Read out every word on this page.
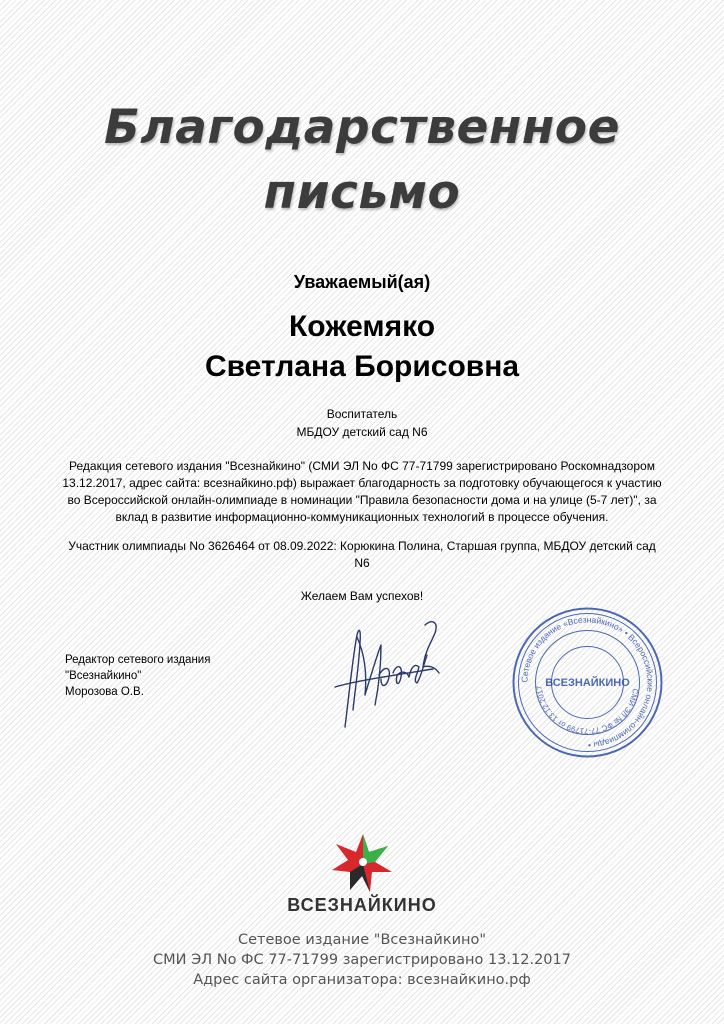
Благодарственное
письмо
Уважаемый(ая)
Кожемяко
Светлана Борисовна
Воспитатель
МБДОУ детский сад N6
Редакция сетевого издания "Всезнайкино" (СМИ ЭЛ No ФС 77-71799 зарегистрировано Роскомнадзором 13.12.2017, адрес сайта: всезнайкино.рф) выражает благодарность за подготовку обучающегося к участию во Всероссийской онлайн-олимпиаде в номинации "Правила безопасности дома и на улице (5-7 лет)", за вклад в развитие информационно-коммуникационных технологий в процессе обучения.
Участник олимпиады No 3626464 от 08.09.2022: Корюкина Полина, Старшая группа, МБДОУ детский сад N6
Желаем Вам успехов!
Редактор сетевого издания
"Всезнайкино"
Морозова О.В.
Сетевое издание «Всезнайкино» • Всероссийские онлайн-олимпиады •
СМИ ЭЛ № ФС 77-71799 от 13.12.2017 ВСЕЗНАЙКИНО
ВСЕЗНАЙКИНО
Сетевое издание "Всезнайкино"
СМИ ЭЛ No ФС 77-71799 зарегистрировано 13.12.2017
Адрес сайта организатора: всезнайкино.рф
